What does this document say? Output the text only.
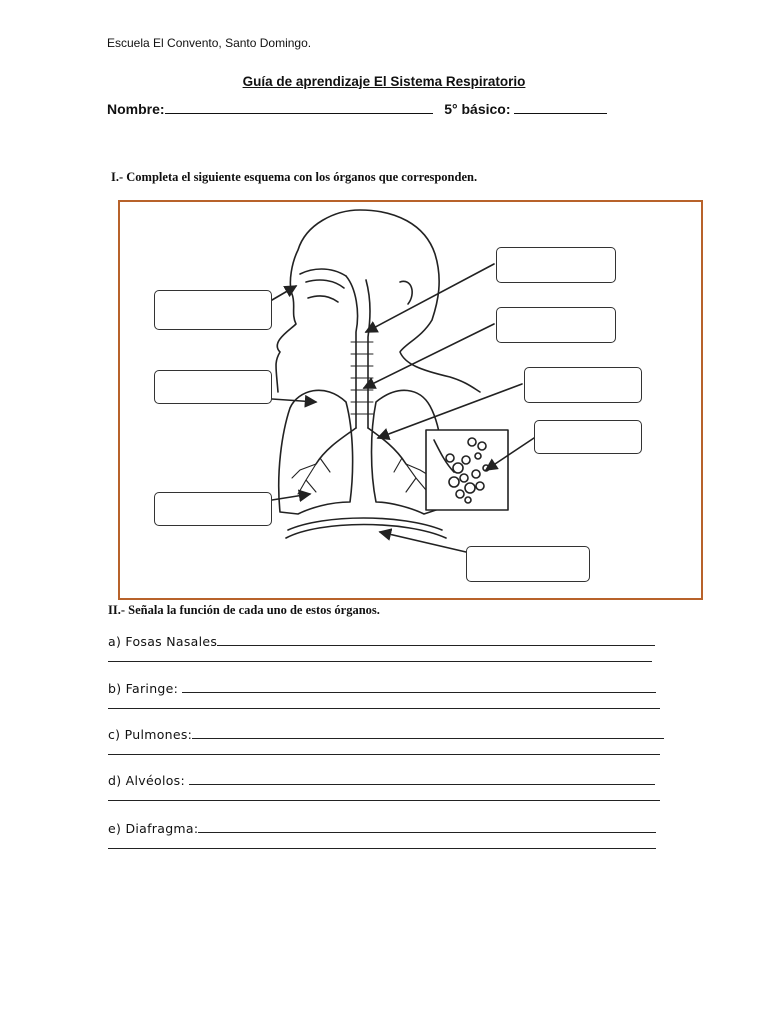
Escuela El Convento, Santo Domingo.
Guía de aprendizaje El Sistema Respiratorio
Nombre:	5° básico:
I.- Completa el siguiente esquema con los órganos que corresponden.
II.- Señala la función de cada uno de estos órganos.
a) Fosas Nasales
b) Faringe:
c) Pulmones:
d) Alvéolos:
e) Diafragma:
